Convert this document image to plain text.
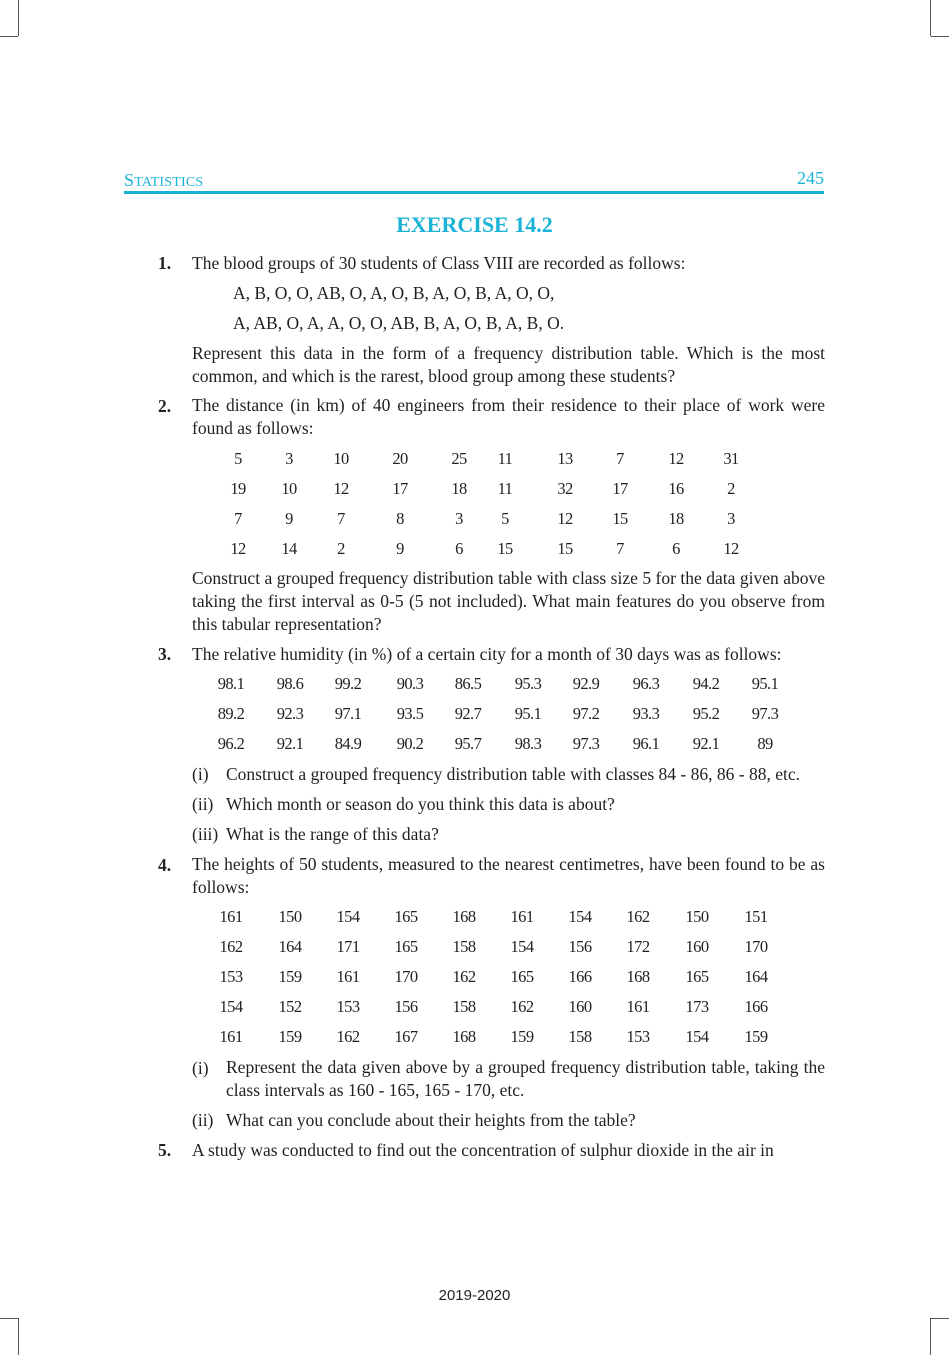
STATISTICS	245
EXERCISE 14.2
1. The blood groups of 30 students of Class VIII are recorded as follows:
A, B, O, O, AB, O, A, O, B, A, O, B, A, O, O,
A, AB, O, A, A, O, O, AB, B, A, O, B, A, B, O.
Represent this data in the form of a frequency distribution table. Which is the most common, and which is the rarest, blood group among these students?
2. The distance (in km) of 40 engineers from their residence to their place of work were found as follows:
5	3	10	20	25	11	13	7	12	31
19	10	12	17	18	11	32	17	16	2
7	9	7	8	3	5	12	15	18	3
12	14	2	9	6	15	15	7	6	12
Construct a grouped frequency distribution table with class size 5 for the data given above taking the first interval as 0-5 (5 not included). What main features do you observe from this tabular representation?
3. The relative humidity (in %) of a certain city for a month of 30 days was as follows:
98.1	98.6	99.2	90.3	86.5	95.3	92.9	96.3	94.2	95.1
89.2	92.3	97.1	93.5	92.7	95.1	97.2	93.3	95.2	97.3
96.2	92.1	84.9	90.2	95.7	98.3	97.3	96.1	92.1	89
(i) Construct a grouped frequency distribution table with classes 84 - 86, 86 - 88, etc.
(ii) Which month or season do you think this data is about?
(iii) What is the range of this data?
4. The heights of 50 students, measured to the nearest centimetres, have been found to be as follows:
161	150	154	165	168	161	154	162	150	151
162	164	171	165	158	154	156	172	160	170
153	159	161	170	162	165	166	168	165	164
154	152	153	156	158	162	160	161	173	166
161	159	162	167	168	159	158	153	154	159
(i) Represent the data given above by a grouped frequency distribution table, taking the class intervals as 160 - 165, 165 - 170, etc.
(ii) What can you conclude about their heights from the table?
5. A study was conducted to find out the concentration of sulphur dioxide in the air in
2019-2020
